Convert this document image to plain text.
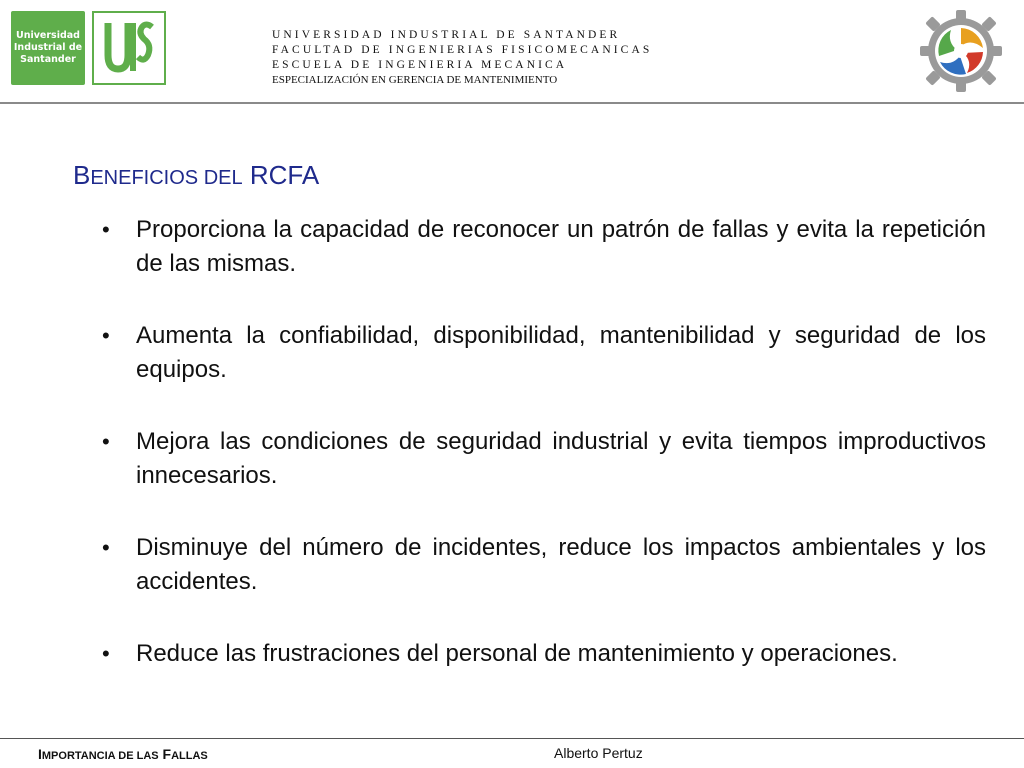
Universidad
Industrial de
Santander
UNIVERSIDAD INDUSTRIAL DE SANTANDER
FACULTAD DE INGENIERIAS FISICOMECANICAS
ESCUELA DE INGENIERIA MECANICA
ESPECIALIZACIÓN EN GERENCIA DE MANTENIMIENTO
BENEFICIOS DEL RCFA
• Proporciona la capacidad de reconocer un patrón de fallas y evita la repetición de las mismas.
• Aumenta la confiabilidad, disponibilidad, mantenibilidad y seguridad de los equipos.
• Mejora las condiciones de seguridad industrial y evita tiempos improductivos innecesarios.
• Disminuye del número de incidentes, reduce los impactos ambientales y los accidentes.
• Reduce las frustraciones del personal de mantenimiento y operaciones.
IMPORTANCIA DE LAS FALLAS	Alberto Pertuz
